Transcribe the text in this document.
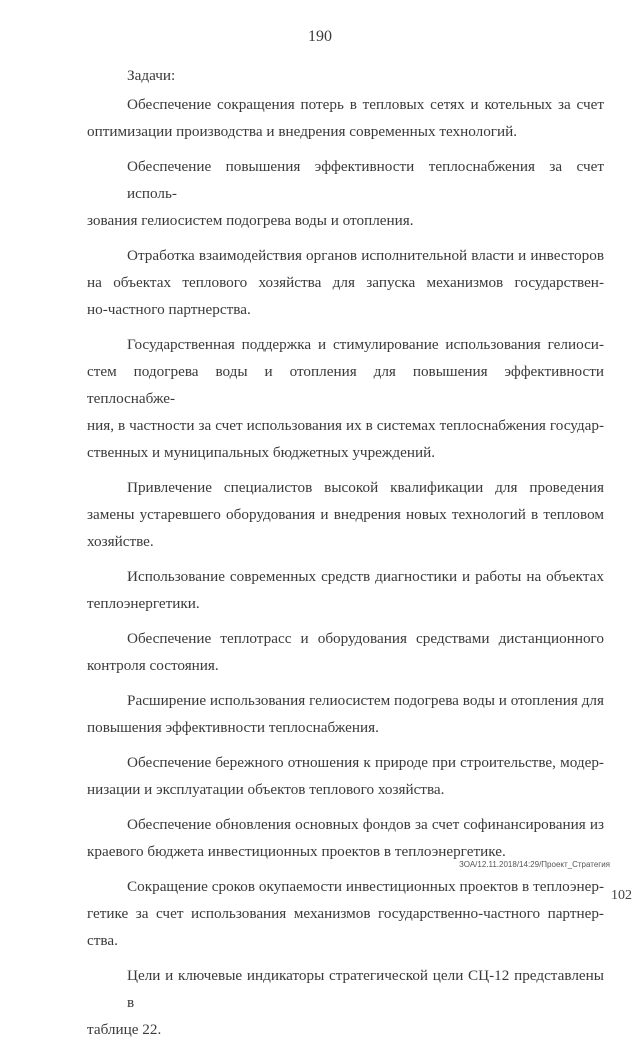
190

Задачи:

Обеспечение сокращения потерь в тепловых сетях и котельных за счет
оптимизации производства и внедрения современных технологий.

Обеспечение повышения эффективности теплоснабжения за счет исполь-
зования гелиосистем подогрева воды и отопления.

Отработка взаимодействия органов исполнительной власти и инвесторов
на объектах теплового хозяйства для запуска механизмов государствен-
но-частного партнерства.

Государственная поддержка и стимулирование использования гелиоси-
стем подогрева воды и отопления для повышения эффективности теплоснабже-
ния, в частности за счет использования их в системах теплоснабжения государ-
ственных и муниципальных бюджетных учреждений.

Привлечение специалистов высокой квалификации для проведения
замены устаревшего оборудования и внедрения новых технологий в тепловом
хозяйстве.

Использование современных средств диагностики и работы на объектах
теплоэнергетики.

Обеспечение теплотрасс и оборудования средствами дистанционного
контроля состояния.

Расширение использования гелиосистем подогрева воды и отопления для
повышения эффективности теплоснабжения.

Обеспечение бережного отношения к природе при строительстве, модер-
низации и эксплуатации объектов теплового хозяйства.

Обеспечение обновления основных фондов за счет софинансирования из
краевого бюджета инвестиционных проектов в теплоэнергетике.

Сокращение сроков окупаемости инвестиционных проектов в теплоэнер-
гетике за счет использования механизмов государственно-частного партнер-
ства.

Цели и ключевые индикаторы стратегической цели СЦ-12 представлены в
таблице 22.

ЗОА/12.11.2018/14:29/Проект_Стратегия
102
